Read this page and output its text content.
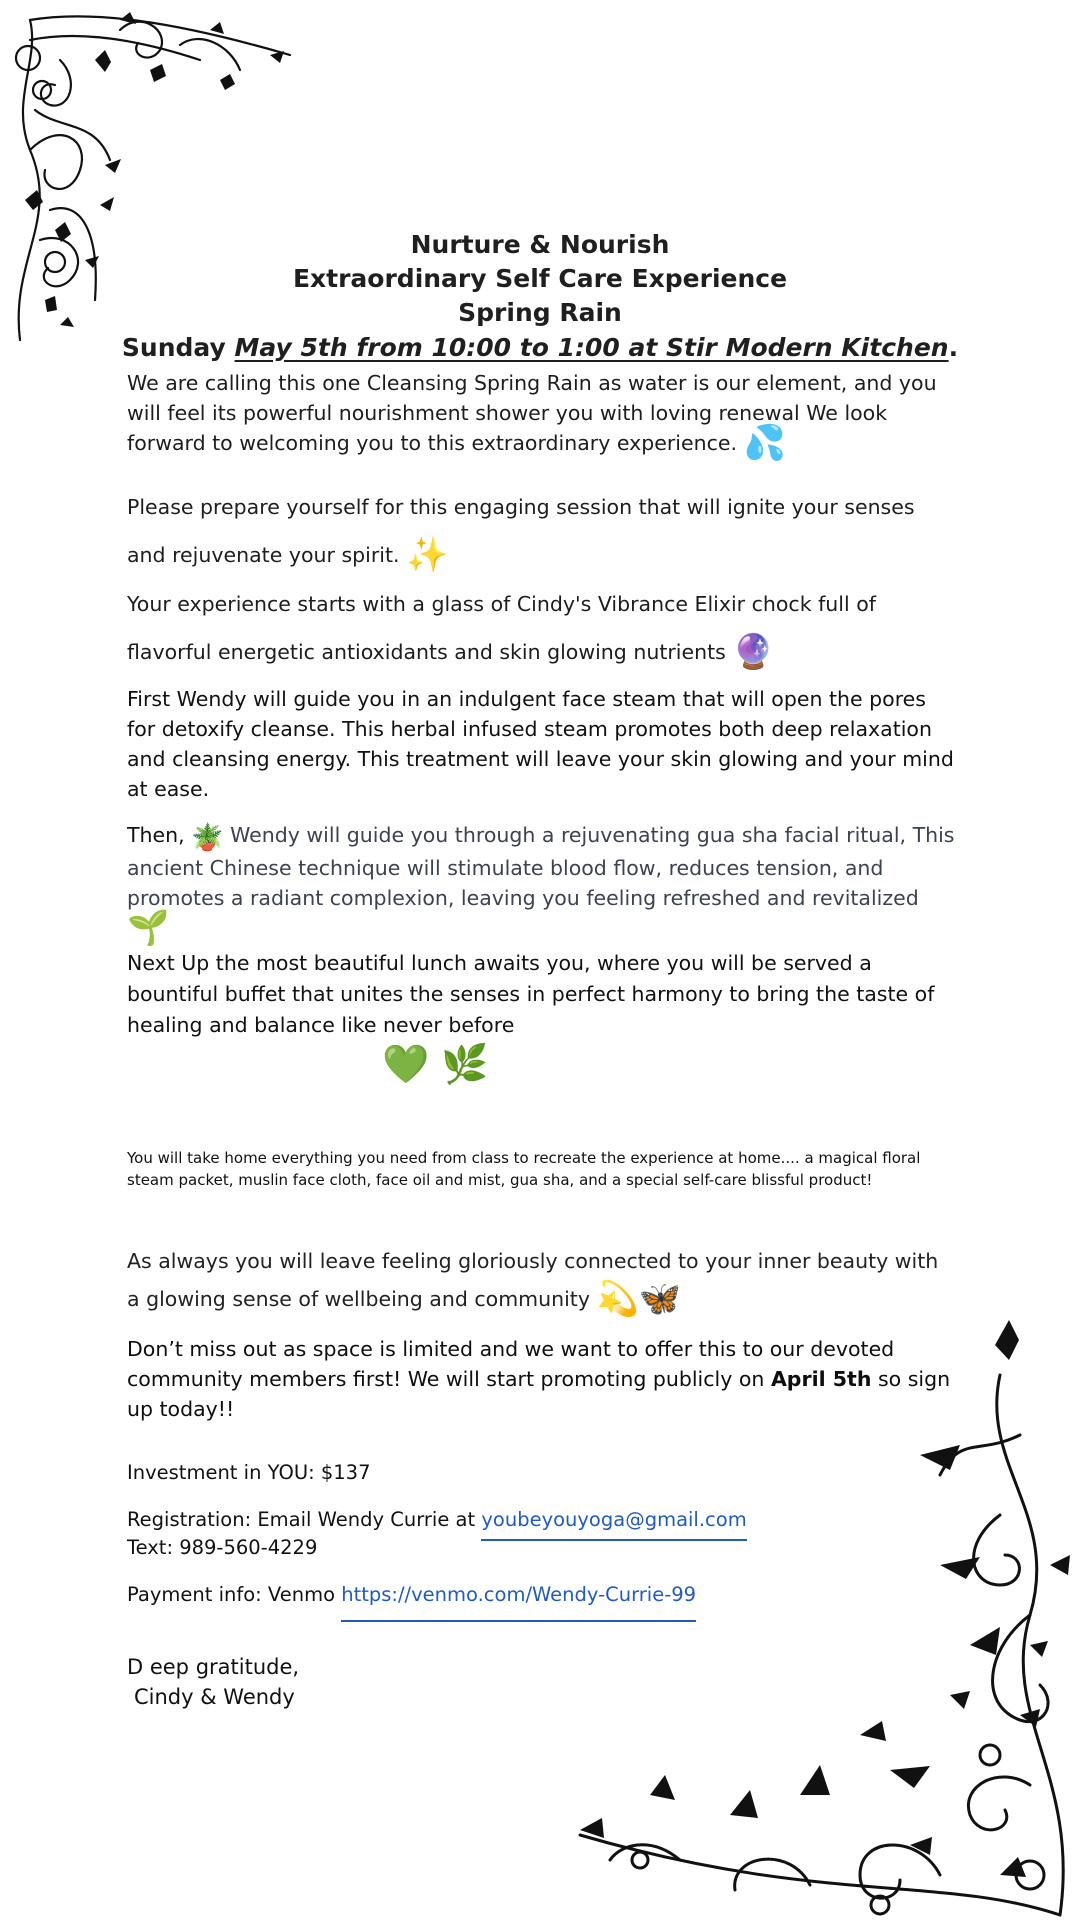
Nurture & Nourish
Extraordinary Self Care Experience
Spring Rain
Sunday May 5th from 10:00 to 1:00 at Stir Modern Kitchen.
We are calling this one Cleansing Spring Rain as water is our element, and you will feel its powerful nourishment shower you with loving renewal We look forward to welcoming you to this extraordinary experience. 💦
Please prepare yourself for this engaging session that will ignite your senses and rejuvenate your spirit. ✨
Your experience starts with a glass of Cindy's Vibrance Elixir chock full of flavorful energetic antioxidants and skin glowing nutrients 🔮
First Wendy will guide you in an indulgent face steam that will open the pores for detoxify cleanse. This herbal infused steam promotes both deep relaxation and cleansing energy. This treatment will leave your skin glowing and your mind at ease.
Then, 🪴 Wendy will guide you through a rejuvenating gua sha facial ritual, This ancient Chinese technique will stimulate blood flow, reduces tension, and promotes a radiant complexion, leaving you feeling refreshed and revitalized 🌱
Next Up the most beautiful lunch awaits you, where you will be served a bountiful buffet that unites the senses in perfect harmony to bring the taste of healing and balance like never before
💚 🌿
You will take home everything you need from class to recreate the experience at home.... a magical floral steam packet, muslin face cloth, face oil and mist, gua sha, and a special self-care blissful product!
As always you will leave feeling gloriously connected to your inner beauty with a glowing sense of wellbeing and community 💫🦋
Don’t miss out as space is limited and we want to offer this to our devoted community members first! We will start promoting publicly on April 5th so sign up today!!
Investment in YOU: $137
Registration: Email Wendy Currie at youbeyouyoga@gmail.com
Text: 989-560-4229
Payment info: Venmo https://venmo.com/Wendy-Currie-99
D eep gratitude,
Cindy & Wendy
